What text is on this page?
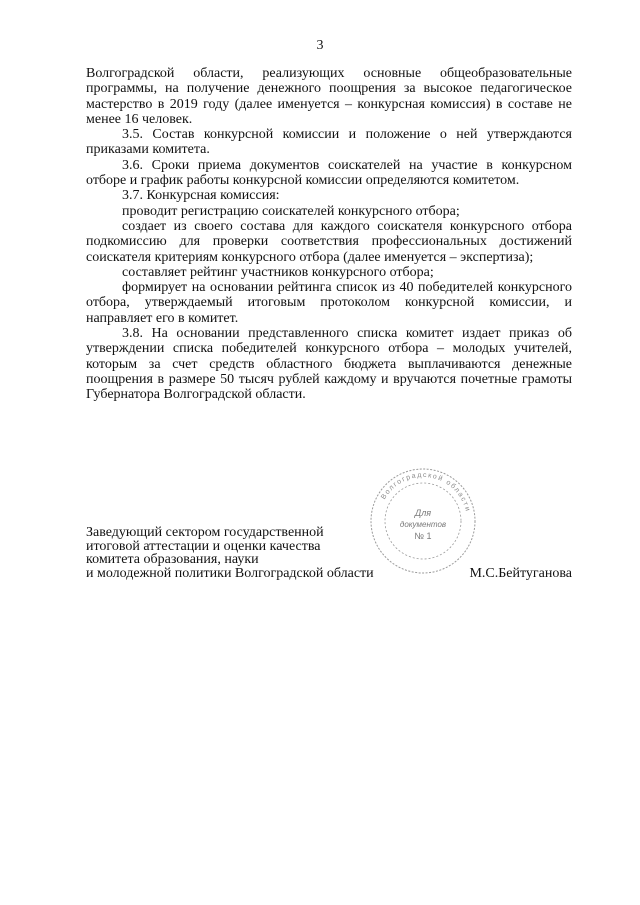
3

Волгоградской области, реализующих основные общеобразовательные программы, на получение денежного поощрения за высокое педагогическое мастерство в 2019 году (далее именуется – конкурсная комиссия) в составе не менее 16 человек.

3.5. Состав конкурсной комиссии и положение о ней утверждаются приказами комитета.

3.6. Сроки приема документов соискателей на участие в конкурсном отборе и график работы конкурсной комиссии определяются комитетом.

3.7. Конкурсная комиссия:

проводит регистрацию соискателей конкурсного отбора;

создает из своего состава для каждого соискателя конкурсного отбора подкомиссию для проверки соответствия профессиональных достижений соискателя критериям конкурсного отбора (далее именуется – экспертиза);

составляет рейтинг участников конкурсного отбора;

формирует на основании рейтинга список из 40 победителей конкурсного отбора, утверждаемый итоговым протоколом конкурсной комиссии, и направляет его в комитет.

3.8. На основании представленного списка комитет издает приказ об утверждении списка победителей конкурсного отбора – молодых учителей, которым за счет средств областного бюджета выплачиваются денежные поощрения в размере 50 тысяч рублей каждому и вручаются почетные грамоты Губернатора Волгоградской области.

Волгоградской области
Для
документов
№ 1
Заведующий сектором государственной
итоговой аттестации и оценки качества
комитета образования, науки
и молодежной политики Волгоградской области	М.С.Бейтуганова
